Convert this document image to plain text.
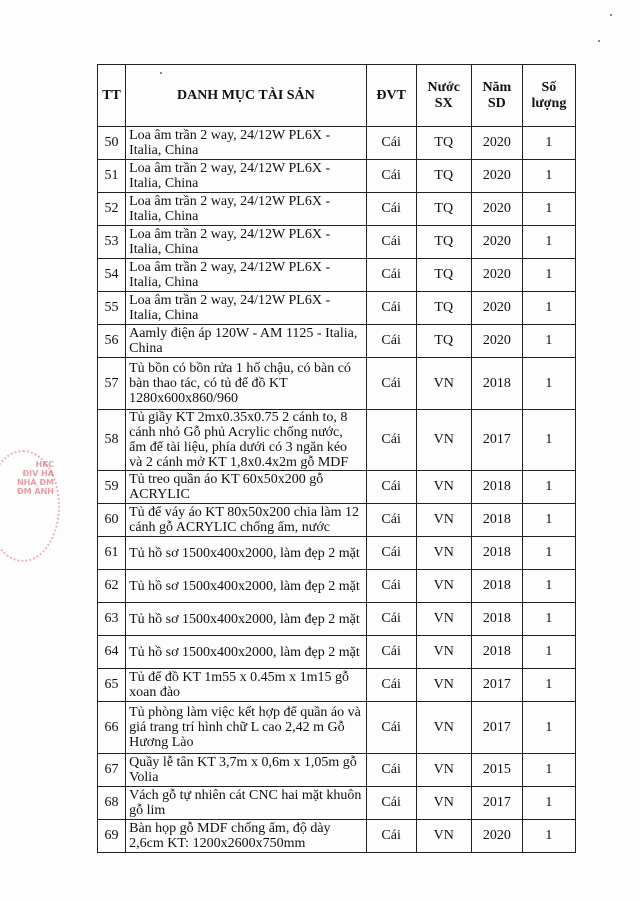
TT	DANH MỤC TÀI SẢN	ĐVT	Nước SX	Năm SD	Số lượng
50	Loa âm trần 2 way, 24/12W PL6X - Italia, China	Cái	TQ	2020	1
51	Loa âm trần 2 way, 24/12W PL6X - Italia, China	Cái	TQ	2020	1
52	Loa âm trần 2 way, 24/12W PL6X - Italia, China	Cái	TQ	2020	1
53	Loa âm trần 2 way, 24/12W PL6X - Italia, China	Cái	TQ	2020	1
54	Loa âm trần 2 way, 24/12W PL6X - Italia, China	Cái	TQ	2020	1
55	Loa âm trần 2 way, 24/12W PL6X - Italia, China	Cái	TQ	2020	1
56	Aamly điện áp 120W - AM 1125 - Italia, China	Cái	TQ	2020	1
57	Tủ bồn có bồn rửa 1 hố chậu, có bàn có bàn thao tác, có tủ để đồ KT 1280x600x860/960	Cái	VN	2018	1
58	Tủ giầy KT 2mx0.35x0.75 2 cánh to, 8 cánh nhỏ Gỗ phủ Acrylic chống nước, ẩm để tài liệu, phía dưới có 3 ngăn kéo và 2 cánh mở KT 1,8x0.4x2m gỗ MDF	Cái	VN	2017	1
59	Tủ treo quần áo KT 60x50x200 gỗ ACRYLIC	Cái	VN	2018	1
60	Tủ để váy áo KT 80x50x200 chia làm 12 cánh gỗ ACRYLIC chống ẩm, nước	Cái	VN	2018	1
61	Tủ hồ sơ 1500x400x2000, làm đẹp 2 mặt	Cái	VN	2018	1
62	Tủ hồ sơ 1500x400x2000, làm đẹp 2 mặt	Cái	VN	2018	1
63	Tủ hồ sơ 1500x400x2000, làm đẹp 2 mặt	Cái	VN	2018	1
64	Tủ hồ sơ 1500x400x2000, làm đẹp 2 mặt	Cái	VN	2018	1
65	Tủ để đồ KT 1m55 x 0.45m x 1m15 gỗ xoan đào	Cái	VN	2017	1
66	Tủ phòng làm việc kết hợp để quần áo và giá trang trí hình chữ L cao 2,42 m Gỗ Hương Lào	Cái	VN	2017	1
67	Quầy lễ tân KT 3,7m x 0,6m x 1,05m gỗ Volia	Cái	VN	2015	1
68	Vách gỗ tự nhiên cát CNC hai mặt khuôn gỗ lim	Cái	VN	2017	1
69	Bàn họp gỗ MDF chống ẩm, độ dày 2,6cm KT: 1200x2600x750mm	Cái	VN	2020	1
HKC
ĐIV HA
NHÀ ĐM
ĐM ẢNH
